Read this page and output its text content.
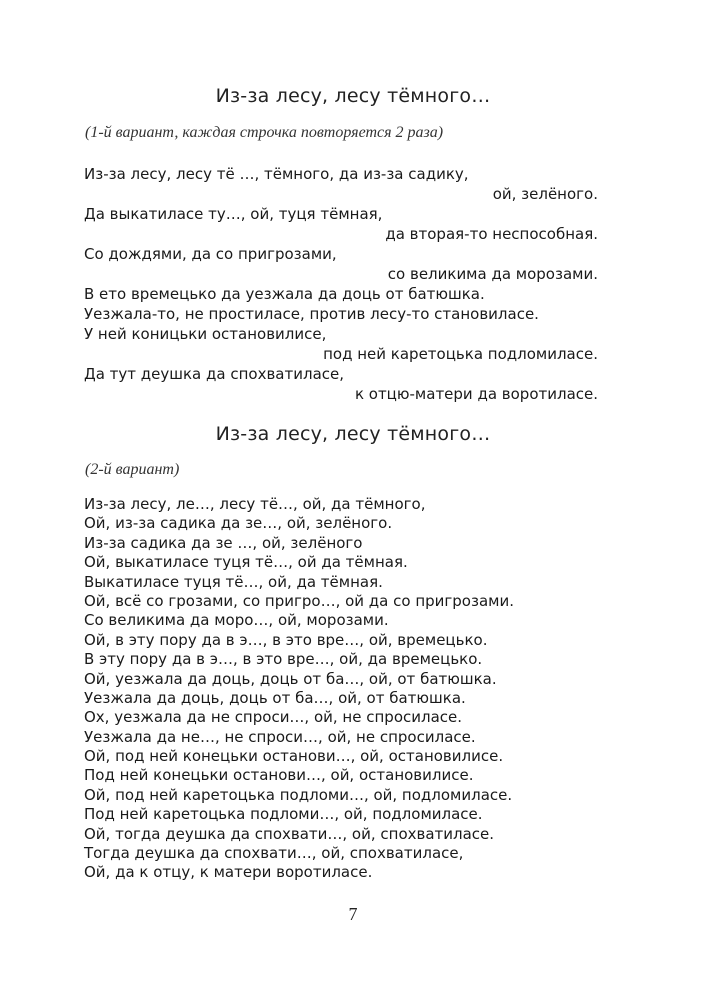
Из-за лесу, лесу тёмного…
(1-й вариант, каждая строчка повторяется 2 раза)
Из-за лесу, лесу тё …, тёмного, да из-за садику,
ой, зелёного.
Да выкатиласе ту…, ой, туця тёмная,
да вторая-то неспособная.
Со дождями, да со пригрозами,
со великима да морозами.
В ето времецько да уезжала да доць от батюшка.
Уезжала-то, не простиласе, против лесу-то становиласе.
У ней коницьки остановилисе,
под ней каретоцька подломиласе.
Да тут деушка да спохватиласе,
к отцю-матери да воротиласе.
Из-за лесу, лесу тёмного…
(2-й вариант)
Из-за лесу, ле…, лесу тё…, ой, да тёмного,
Ой, из-за садика да зе…, ой, зелёного.
Из-за садика да зе …, ой, зелёного
Ой, выкатиласе туця тё…, ой да тёмная.
Выкатиласе туця тё…, ой, да тёмная.
Ой, всё со грозами, со пригро…, ой да со пригрозами.
Со великима да моро…, ой, морозами.
Ой, в эту пору да в э…, в это вре…, ой, времецько.
В эту пору да в э…, в это вре…, ой, да времецько.
Ой, уезжала да доць, доць от ба…, ой, от батюшка.
Уезжала да доць, доць от ба…, ой, от батюшка.
Ох, уезжала да не спроси…, ой, не спросиласе.
Уезжала да не…, не спроси…, ой, не спросиласе.
Ой, под ней конецьки останови…, ой, остановилисе.
Под ней конецьки останови…, ой, остановилисе.
Ой, под ней каретоцька подломи…, ой, подломиласе.
Под ней каретоцька подломи…, ой, подломиласе.
Ой, тогда деушка да спохвати…, ой, спохватиласе.
Тогда деушка да спохвати…, ой, спохватиласе,
Ой, да к отцу, к матери воротиласе.
7
